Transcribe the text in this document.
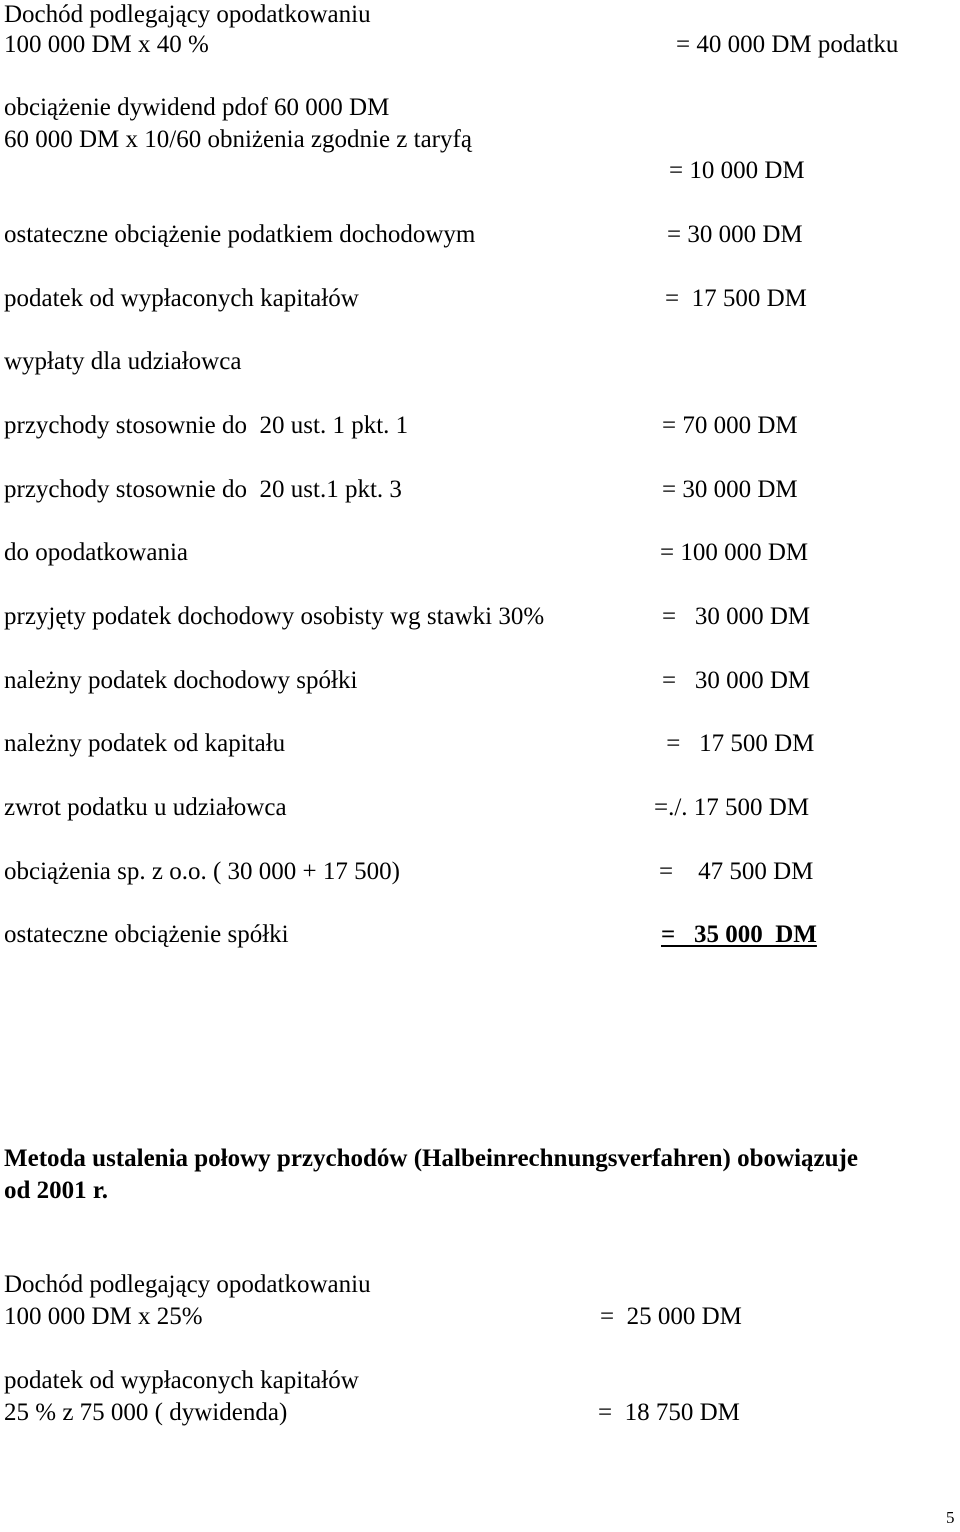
Dochód podlegający opodatkowaniu
100 000 DM x 40 %	= 40 000 DM podatku
obciążenie dywidend pdof 60 000 DM
60 000 DM x 10/60 obniżenia zgodnie z taryfą
= 10 000 DM
ostateczne obciążenie podatkiem dochodowym	= 30 000 DM
podatek od wypłaconych kapitałów	=  17 500 DM
wypłaty dla udziałowca
przychody stosownie do  20 ust. 1 pkt. 1	= 70 000 DM
przychody stosownie do  20 ust.1 pkt. 3	= 30 000 DM
do opodatkowania	= 100 000 DM
przyjęty podatek dochodowy osobisty wg stawki 30%	=   30 000 DM
należny podatek dochodowy spółki	=   30 000 DM
należny podatek od kapitału	=   17 500 DM
zwrot podatku u udziałowca	=./. 17 500 DM
obciążenia sp. z o.o. ( 30 000 + 17 500)	=    47 500 DM
ostateczne obciążenie spółki	=   35 000  DM
Metoda ustalenia połowy przychodów (Halbeinrechnungsverfahren) obowiązuje
od 2001 r.
Dochód podlegający opodatkowaniu
100 000 DM x 25%	=  25 000 DM
podatek od wypłaconych kapitałów
25 % z 75 000 ( dywidenda)	=  18 750 DM
5
